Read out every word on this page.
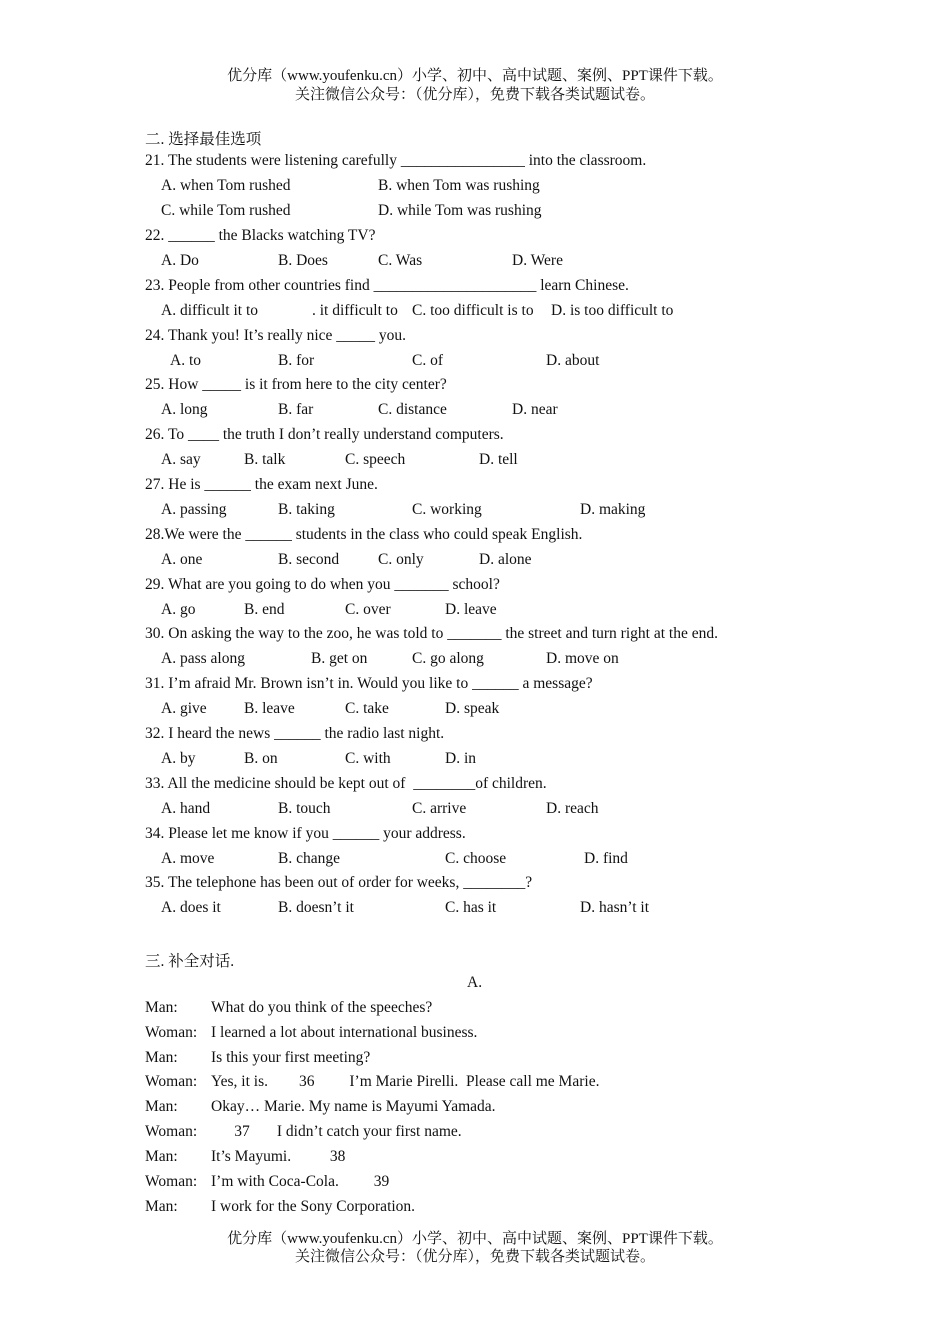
优分库（www.youfenku.cn）小学、初中、高中试题、案例、PPT课件下载。
关注微信公众号：（优分库），免费下载各类试题试卷。
二. 选择最佳选项
21. The students were listening carefully ________________ into the classroom.
A. when Tom rushed	B. when Tom was rushing
C. while Tom rushed	D. while Tom was rushing
22. ______ the Blacks watching TV?
A. Do	B. Does	C. Was	D. Were
23. People from other countries find _____________________ learn Chinese.
A. difficult it to	. it difficult to C. too difficult is to D. is too difficult to
24. Thank you! It’s really nice _____ you.
A. to	B. for	C. of	D. about
25. How _____ is it from here to the city center?
A. long	B. far	C. distance	D. near
26. To ____ the truth I don’t really understand computers.
A. say	B. talk	C. speech	D. tell
27. He is ______ the exam next June.
A. passing	B. taking	C. working	D. making
28.We were the ______ students in the class who could speak English.
A. one	B. second	C. only	D. alone
29. What are you going to do when you _______ school?
A. go	B. end	C. over	D. leave
30. On asking the way to the zoo, he was told to _______ the street and turn right at the end.
A. pass along	B. get on	C. go along	D. move on
31. I’m afraid Mr. Brown isn’t in. Would you like to ______ a message?
A. give B. leave	C. take	D. speak
32. I heard the news ______ the radio last night.
A. by	B. on	C. with	D. in
33. All the medicine should be kept out of  ________of children.
A. hand	B. touch	C. arrive	D. reach
34. Please let me know if you ______ your address.
A. move	B. change	C. choose	D. find
35. The telephone has been out of order for weeks, ________?
A. does it	B. doesn’t it	C. has it	D. hasn’t it
三. 补全对话.
A.
Man: What do you think of the speeches?
Woman: I learned a lot about international business.
Man: Is this your first meeting?
Woman: Yes, it is.        36         I’m Marie Pirelli.  Please call me Marie.
Man: Okay… Marie. My name is Mayumi Yamada.
Woman: 37       I didn’t catch your first name.
Man: It’s Mayumi.          38
Woman: I’m with Coca-Cola.         39
Man: I work for the Sony Corporation.
优分库（www.youfenku.cn）小学、初中、高中试题、案例、PPT课件下载。
关注微信公众号：（优分库），免费下载各类试题试卷。
